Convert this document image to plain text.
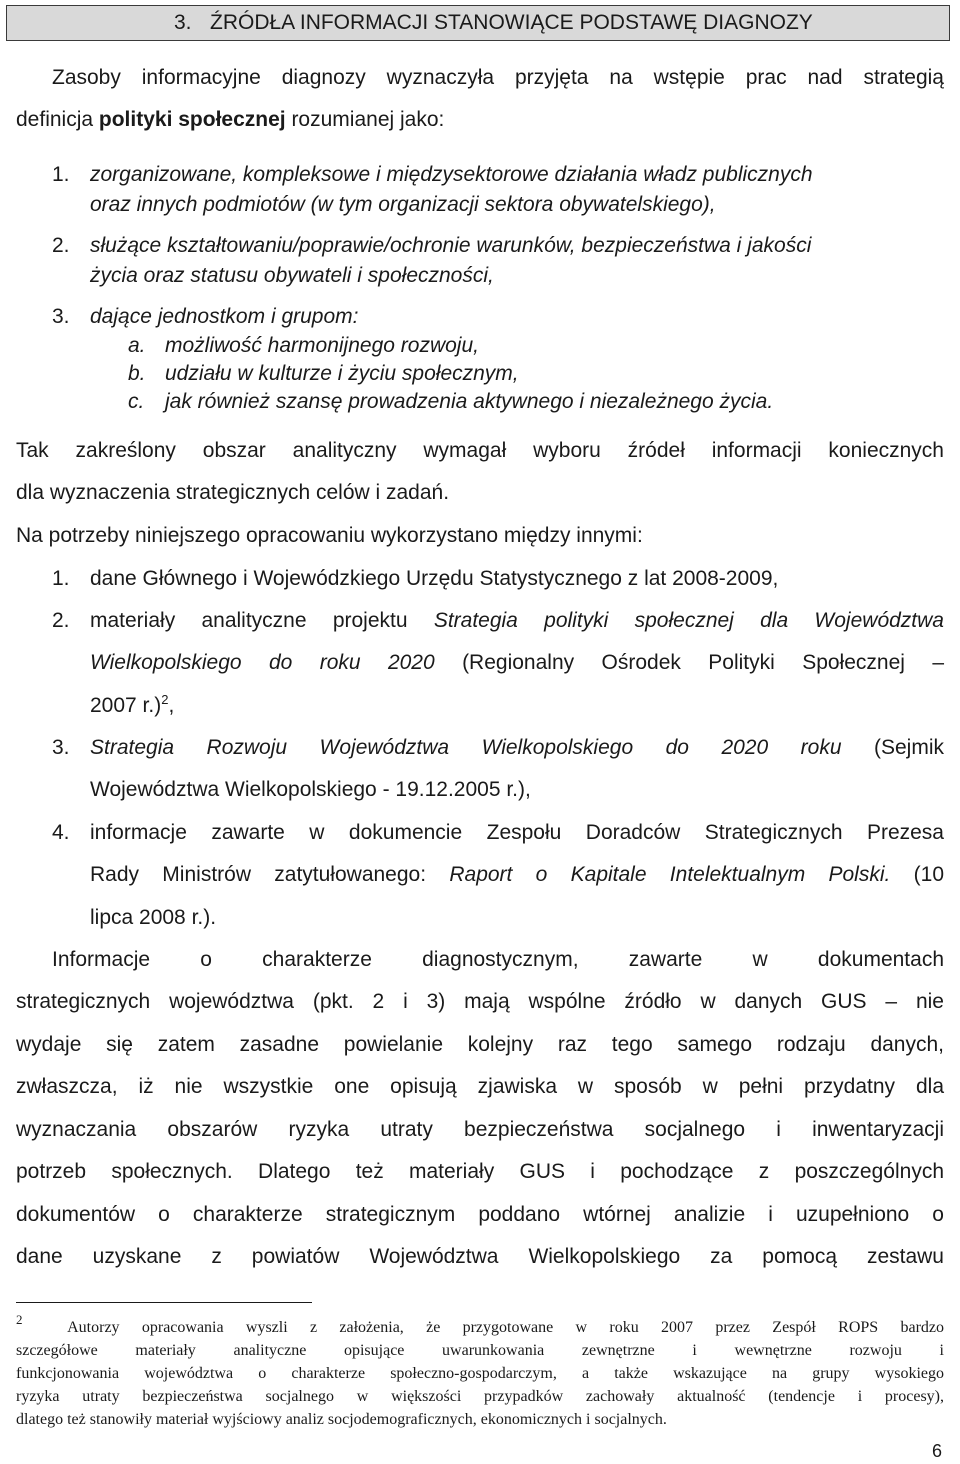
3. ŹRÓDŁA INFORMACJI STANOWIĄCE PODSTAWĘ DIAGNOZY
Zasoby informacyjne diagnozy wyznaczyła przyjęta na wstępie prac nad strategią
definicja polityki społecznej rozumianej jako:
1. zorganizowane, kompleksowe i międzysektorowe działania władz publicznych
oraz innych podmiotów (w tym organizacji sektora obywatelskiego),
2. służące kształtowaniu/poprawie/ochronie warunków, bezpieczeństwa i jakości
życia oraz statusu obywateli i społeczności,
3. dające jednostkom i grupom:
a. możliwość harmonijnego rozwoju,
b. udziału w kulturze i życiu społecznym,
c. jak również szansę prowadzenia aktywnego i niezależnego życia.
Tak zakreślony obszar analityczny wymagał wyboru źródeł informacji koniecznych
dla wyznaczenia strategicznych celów i zadań.
Na potrzeby niniejszego opracowaniu wykorzystano między innymi:
1. dane Głównego i Wojewódzkiego Urzędu Statystycznego z lat 2008-2009,
2. materiały analityczne projektu Strategia polityki społecznej dla Województwa
Wielkopolskiego do roku 2020 (Regionalny Ośrodek Polityki Społecznej –
2007 r.)$^2$,
3. Strategia Rozwoju Województwa Wielkopolskiego do 2020 roku (Sejmik
Województwa Wielkopolskiego - 19.12.2005 r.),
4. informacje zawarte w dokumencie Zespołu Doradców Strategicznych Prezesa
Rady Ministrów zatytułowanego: Raport o Kapitale Intelektualnym Polski. (10
lipca 2008 r.).
Informacje o charakterze diagnostycznym, zawarte w dokumentach
strategicznych województwa (pkt. 2 i 3) mają wspólne źródło w danych GUS – nie
wydaje się zatem zasadne powielanie kolejny raz tego samego rodzaju danych,
zwłaszcza, iż nie wszystkie one opisują zjawiska w sposób w pełni przydatny dla
wyznaczania obszarów ryzyka utraty bezpieczeństwa socjalnego i inwentaryzacji
potrzeb społecznych. Dlatego też materiały GUS i pochodzące z poszczególnych
dokumentów o charakterze strategicznym poddano wtórnej analizie i uzupełniono o
dane uzyskane z powiatów Województwa Wielkopolskiego za pomocą zestawu
$^2$	Autorzy opracowania wyszli z założenia, że przygotowane w roku 2007 przez Zespół ROPS bardzo
szczegółowe materiały analityczne opisujące uwarunkowania zewnętrzne i wewnętrzne rozwoju i
funkcjonowania województwa o charakterze społeczno-gospodarczym, a także wskazujące na grupy wysokiego
ryzyka utraty bezpieczeństwa socjalnego w większości przypadków zachowały aktualność (tendencje i procesy),
dlatego też stanowiły materiał wyjściowy analiz socjodemograficznych, ekonomicznych i socjalnych.
6
